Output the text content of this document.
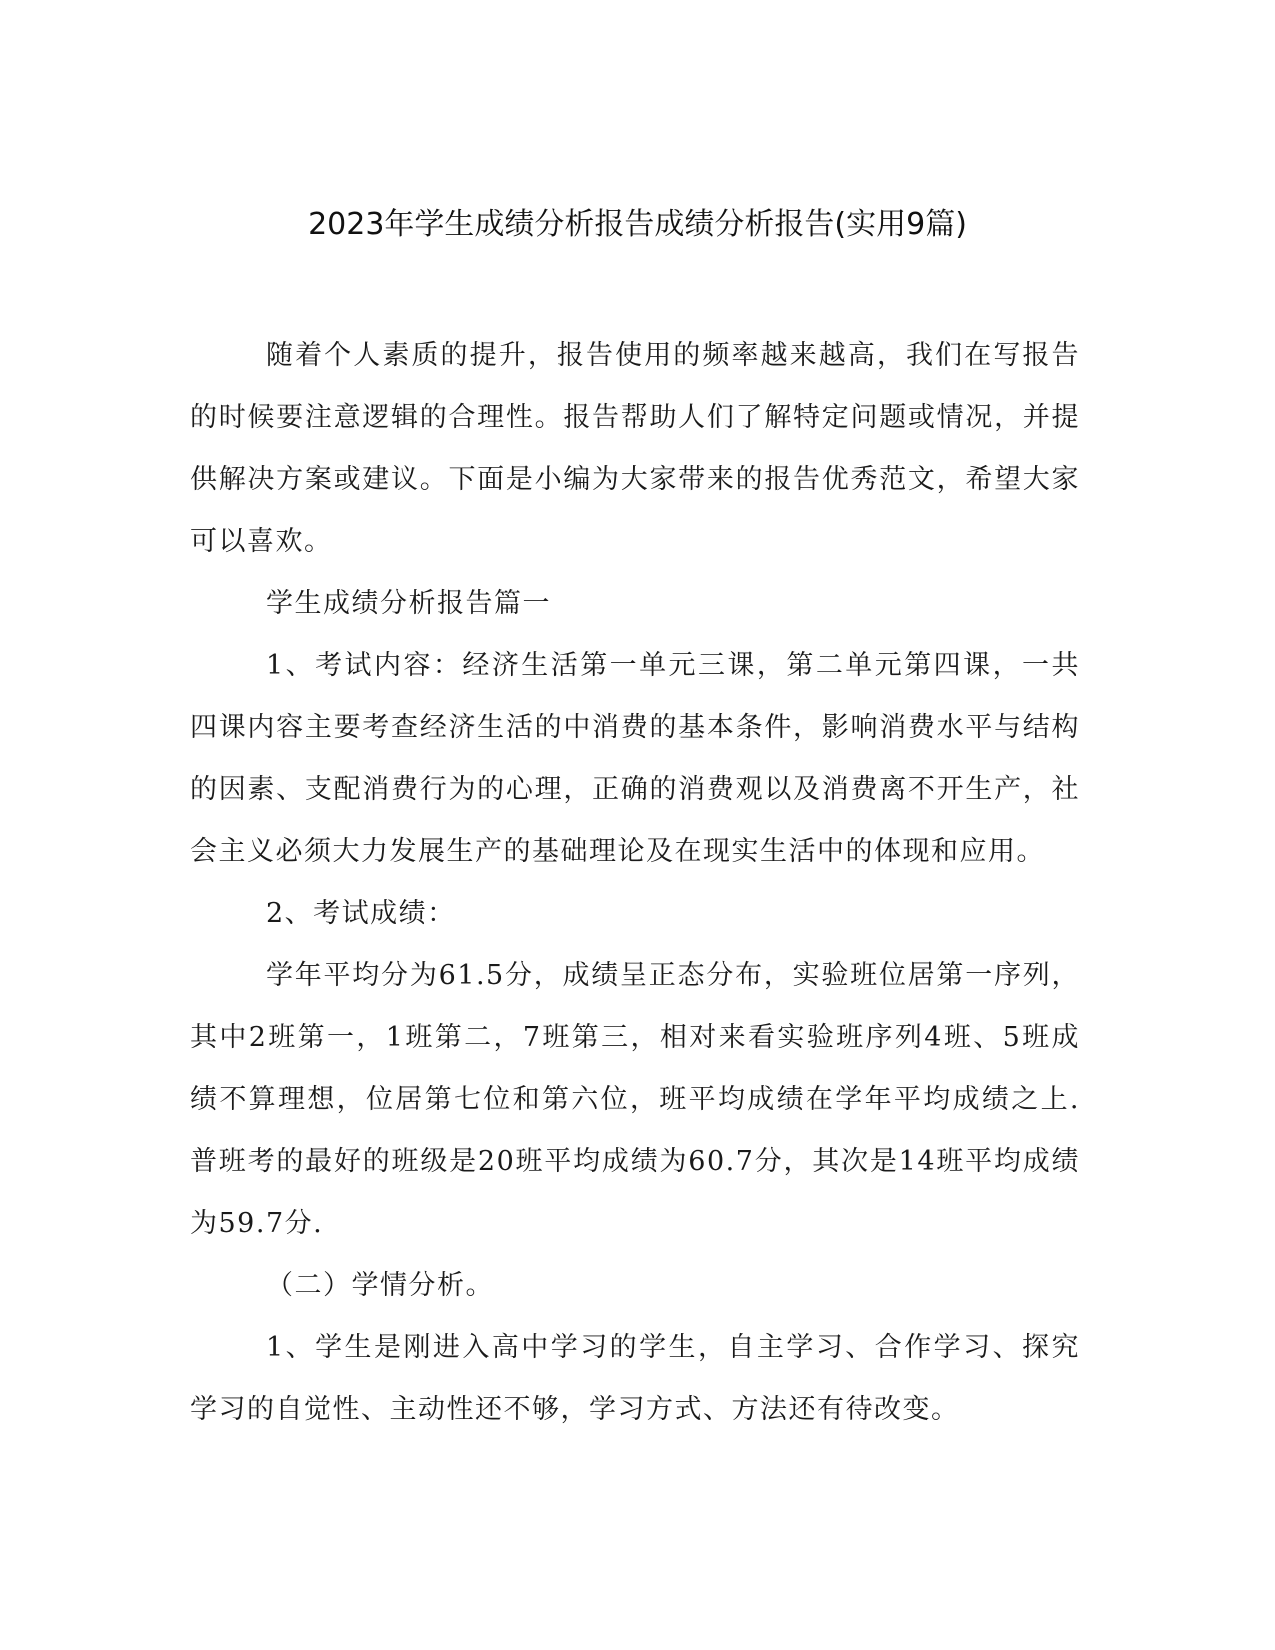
2023年学生成绩分析报告成绩分析报告(实用9篇)

随着个人素质的提升，报告使用的频率越来越高，我们在写报告的时候要注意逻辑的合理性。报告帮助人们了解特定问题或情况，并提供解决方案或建议。下面是小编为大家带来的报告优秀范文，希望大家可以喜欢。

学生成绩分析报告篇一

1、考试内容：经济生活第一单元三课，第二单元第四课，一共四课内容主要考查经济生活的中消费的基本条件，影响消费水平与结构的因素、支配消费行为的心理，正确的消费观以及消费离不开生产，社会主义必须大力发展生产的基础理论及在现实生活中的体现和应用。

2、考试成绩：

学年平均分为61.5分，成绩呈正态分布，实验班位居第一序列，其中2班第一，1班第二，7班第三，相对来看实验班序列4班、5班成绩不算理想，位居第七位和第六位，班平均成绩在学年平均成绩之上.普班考的最好的班级是20班平均成绩为60.7分，其次是14班平均成绩为59.7分.

（二）学情分析。

1、学生是刚进入高中学习的学生，自主学习、合作学习、探究学习的自觉性、主动性还不够，学习方式、方法还有待改变。
